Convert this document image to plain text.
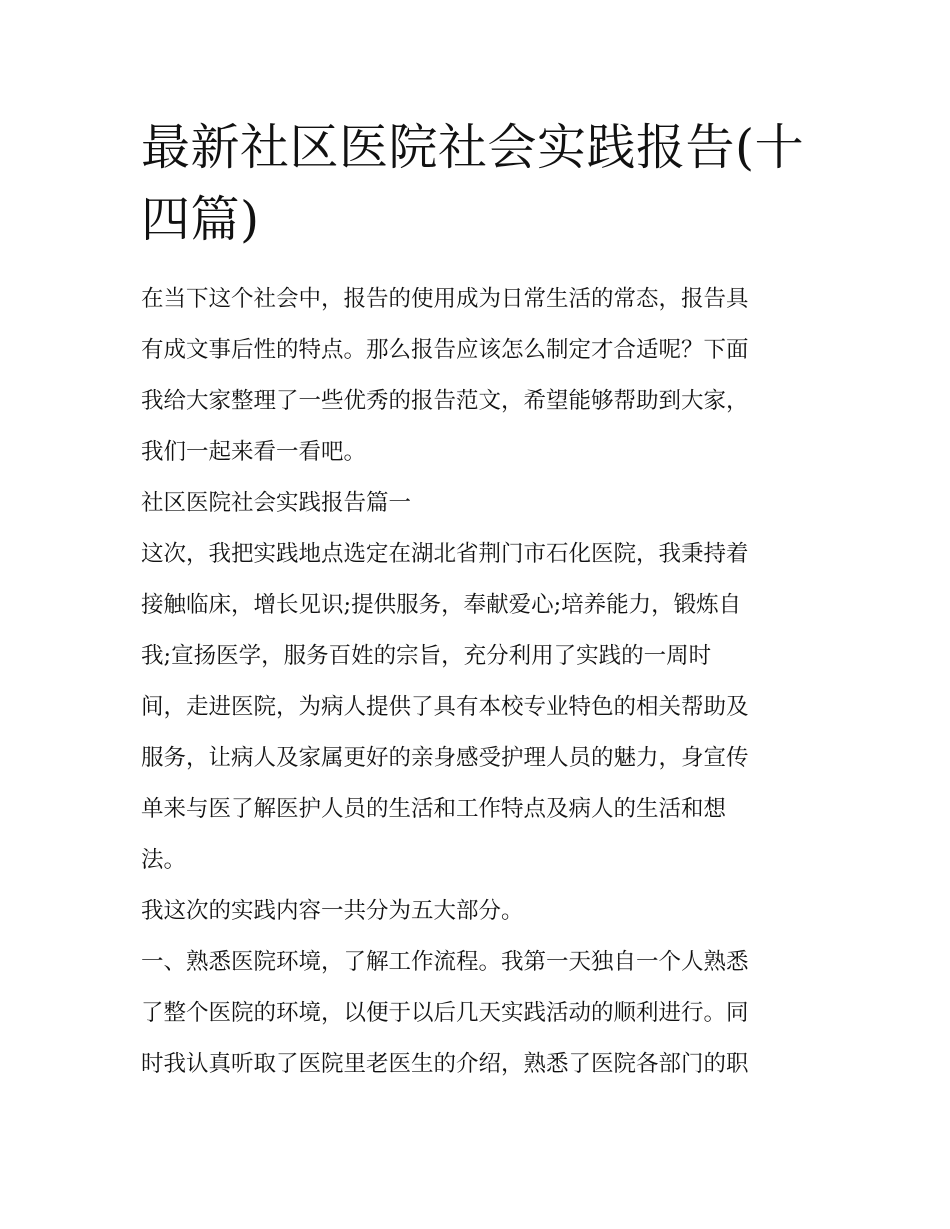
最新社区医院社会实践报告(十
四篇)
在当下这个社会中，报告的使用成为日常生活的常态，报告具
有成文事后性的特点。那么报告应该怎么制定才合适呢？下面
我给大家整理了一些优秀的报告范文，希望能够帮助到大家，
我们一起来看一看吧。
社区医院社会实践报告篇一
这次，我把实践地点选定在湖北省荆门市石化医院，我秉持着
接触临床，增长见识;提供服务，奉献爱心;培养能力，锻炼自
我;宣扬医学，服务百姓的宗旨，充分利用了实践的一周时
间，走进医院，为病人提供了具有本校专业特色的相关帮助及
服务，让病人及家属更好的亲身感受护理人员的魅力，身宣传
单来与医了解医护人员的生活和工作特点及病人的生活和想
法。
我这次的实践内容一共分为五大部分。
一、熟悉医院环境，了解工作流程。我第一天独自一个人熟悉
了整个医院的环境，以便于以后几天实践活动的顺利进行。同
时我认真听取了医院里老医生的介绍，熟悉了医院各部门的职
